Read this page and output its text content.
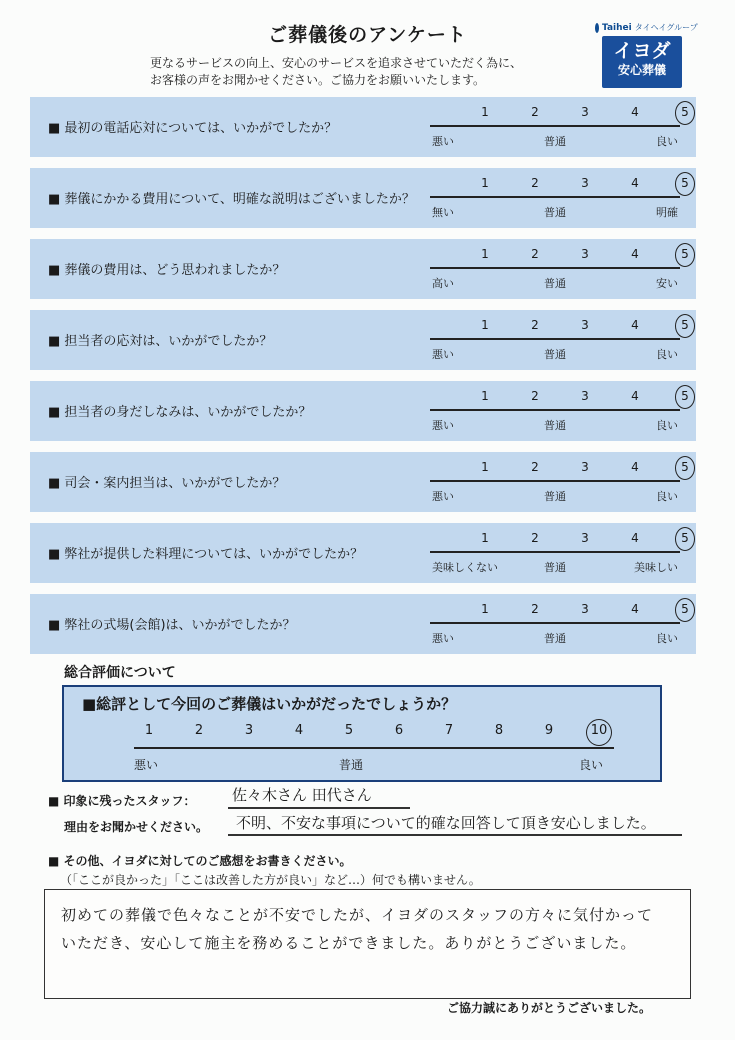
ご葬儀後のアンケート
更なるサービスの向上、安心のサービスを追求させていただく為に、
お客様の声をお聞かせください。ご協力をお願いいたします。
Taihei タイヘイグループ
イヨダ
安心葬儀
■ 最初の電話応対については、いかがでしたか？
1	2	3	4	5
悪い	普通	良い
■ 葬儀にかかる費用について、明確な説明はございましたか？
1	2	3	4	5
無い	普通	明確
■ 葬儀の費用は、どう思われましたか？
1	2	3	4	5
高い	普通	安い
■ 担当者の応対は、いかがでしたか？
1	2	3	4	5
悪い	普通	良い
■ 担当者の身だしなみは、いかがでしたか？
1	2	3	4	5
悪い	普通	良い
■ 司会・案内担当は、いかがでしたか？
1	2	3	4	5
悪い	普通	良い
■ 弊社が提供した料理については、いかがでしたか？
1	2	3	4	5
美味しくない	普通	美味しい
■ 弊社の式場(会館)は、いかがでしたか？
1	2	3	4	5
悪い	普通	良い
総合評価について
■総評として今回のご葬儀はいかがだったでしょうか？
悪い	普通	良い
1	2	3	4	5	6	7	8	9	10
■ 印象に残ったスタッフ： 佐々木さん 田代さん
理由をお聞かせください。 不明、不安な事項について的確な回答して頂き安心しました。
■ その他、イヨダに対してのご感想をお書きください。
（「ここが良かった」「ここは改善した方が良い」など…）何でも構いません。
初めての葬儀で色々なことが不安でしたが、イヨダのスタッフの方々に気付かって
いただき、安心して施主を務めることができました。ありがとうございました。
ご協力誠にありがとうございました。
